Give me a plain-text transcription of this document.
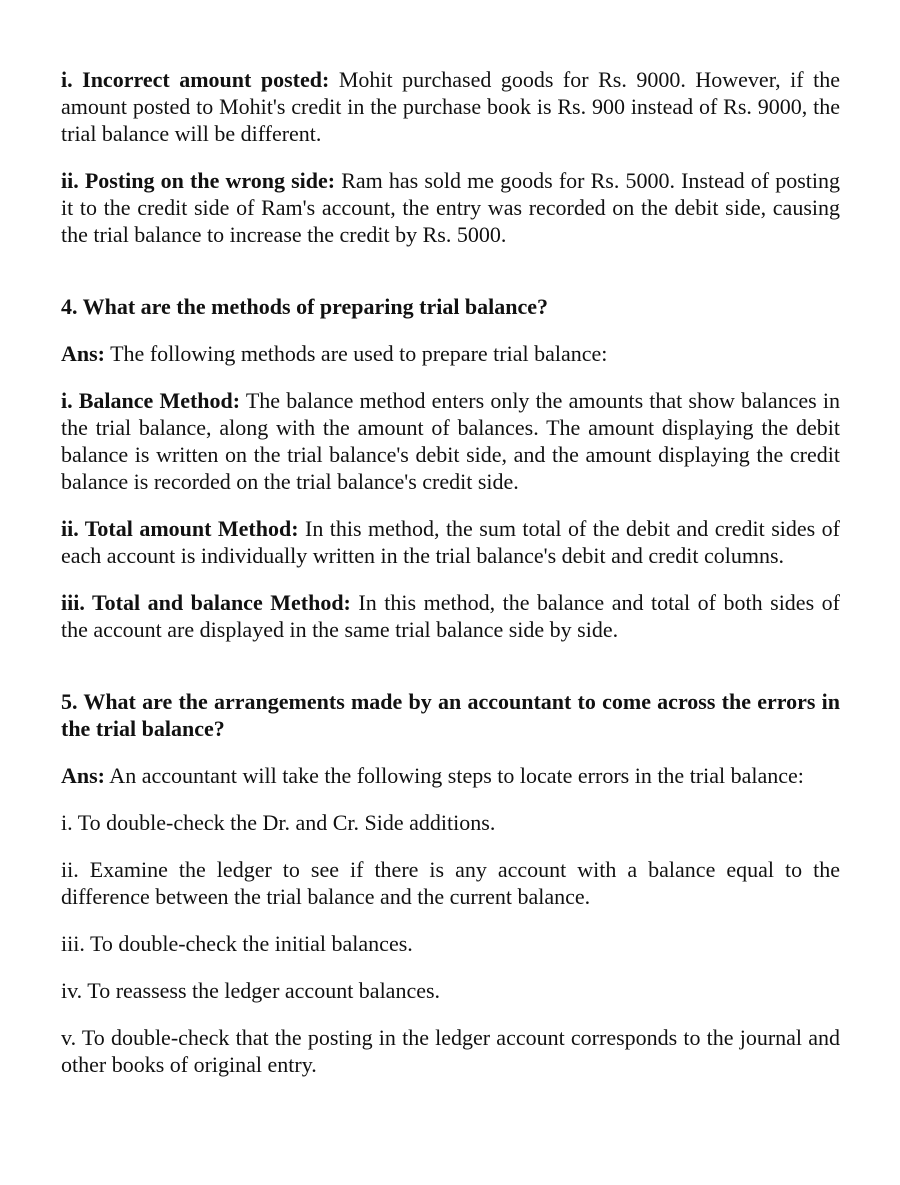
i. Incorrect amount posted: Mohit purchased goods for Rs. 9000. However, if the amount posted to Mohit's credit in the purchase book is Rs. 900 instead of Rs. 9000, the trial balance will be different.

ii. Posting on the wrong side: Ram has sold me goods for Rs. 5000. Instead of posting it to the credit side of Ram's account, the entry was recorded on the debit side, causing the trial balance to increase the credit by Rs. 5000.

4. What are the methods of preparing trial balance?

Ans: The following methods are used to prepare trial balance:

i. Balance Method: The balance method enters only the amounts that show balances in the trial balance, along with the amount of balances. The amount displaying the debit balance is written on the trial balance's debit side, and the amount displaying the credit balance is recorded on the trial balance's credit side.

ii. Total amount Method: In this method, the sum total of the debit and credit sides of each account is individually written in the trial balance's debit and credit columns.

iii. Total and balance Method: In this method, the balance and total of both sides of the account are displayed in the same trial balance side by side.

5. What are the arrangements made by an accountant to come across the errors in the trial balance?

Ans: An accountant will take the following steps to locate errors in the trial balance:

i. To double-check the Dr. and Cr. Side additions.

ii. Examine the ledger to see if there is any account with a balance equal to the difference between the trial balance and the current balance.

iii. To double-check the initial balances.

iv. To reassess the ledger account balances.

v. To double-check that the posting in the ledger account corresponds to the journal and other books of original entry.
